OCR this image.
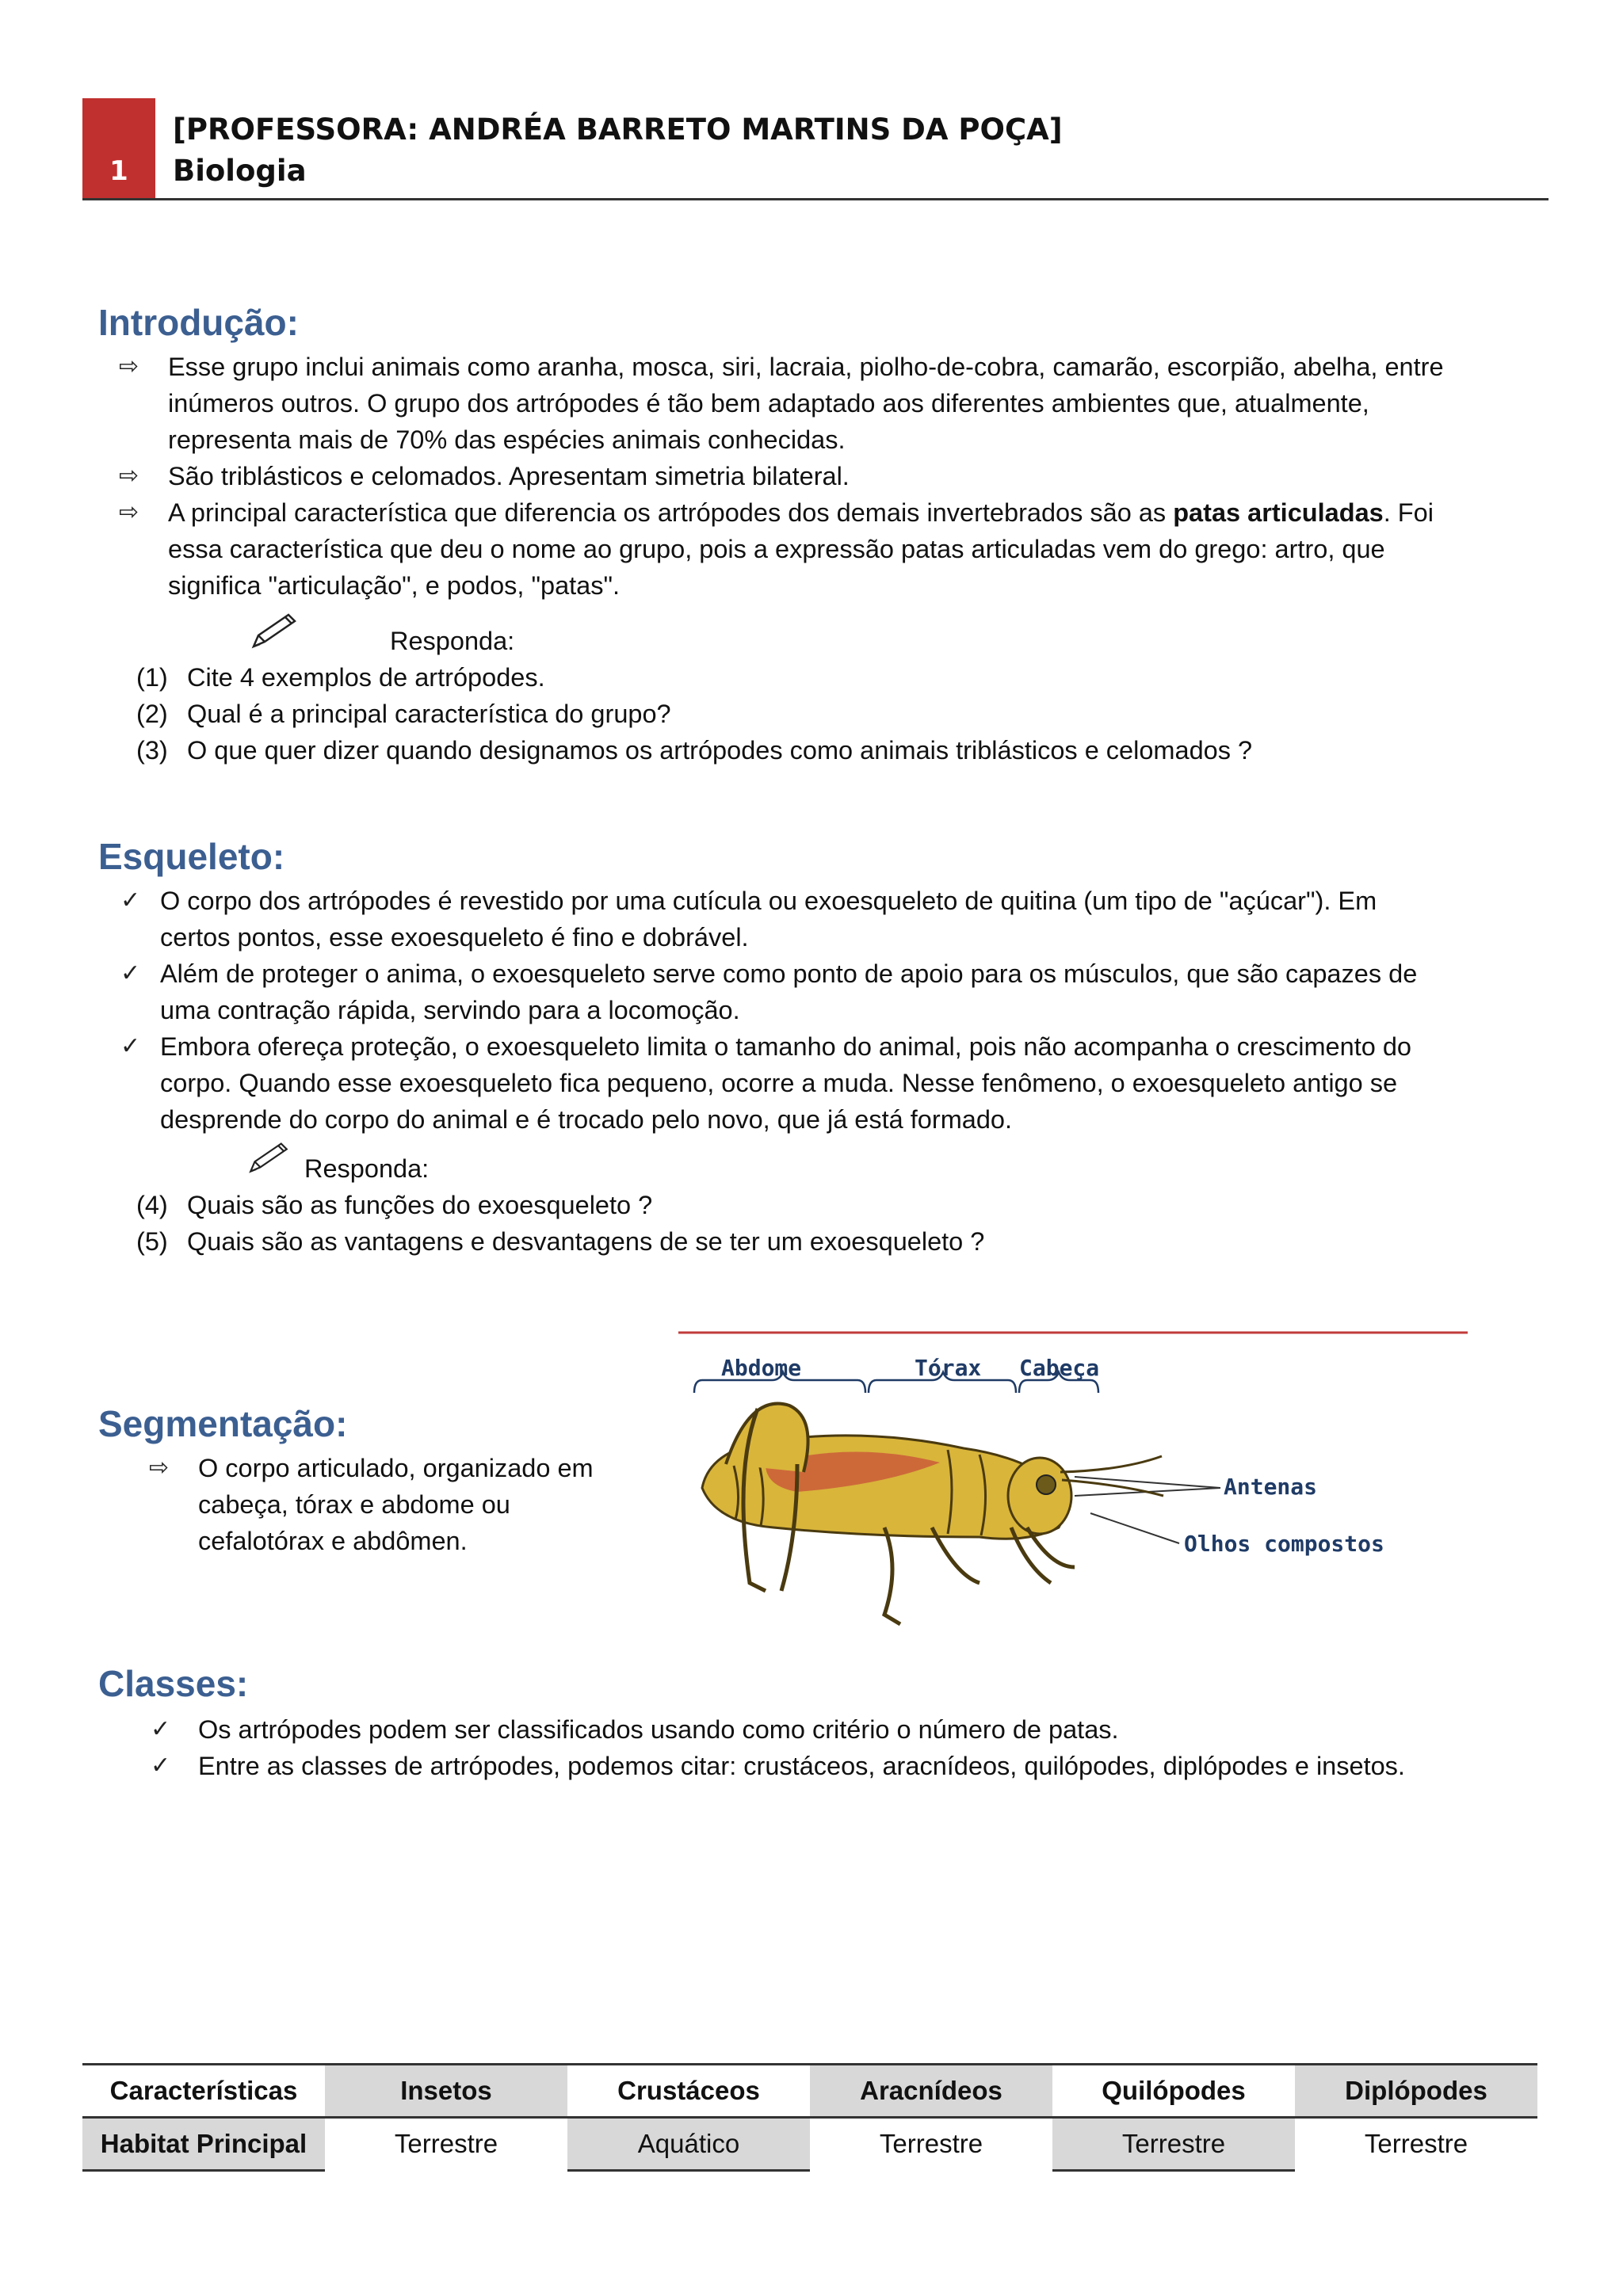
1
[PROFESSORA: ANDRÉA BARRETO MARTINS DA POÇA]
Biologia
Introdução:
⇨ Esse grupo inclui animais como aranha, mosca, siri, lacraia, piolho-de-cobra, camarão, escorpião, abelha, entre
inúmeros outros. O grupo dos artrópodes é tão bem adaptado aos diferentes ambientes que, atualmente,
representa mais de 70% das espécies animais conhecidas.
⇨ São triblásticos e celomados. Apresentam simetria bilateral.
⇨ A principal característica que diferencia os artrópodes dos demais invertebrados são as patas articuladas. Foi
essa característica que deu o nome ao grupo, pois a expressão patas articuladas vem do grego: artro, que
significa "articulação", e podos, "patas".
Responda:
(1) Cite 4 exemplos de artrópodes.
(2) Qual é a principal característica do grupo?
(3) O que quer dizer quando designamos os artrópodes como animais triblásticos e celomados ?
Esqueleto:
✓ O corpo dos artrópodes é revestido por uma cutícula ou exoesqueleto de quitina (um tipo de "açúcar"). Em
certos pontos, esse exoesqueleto é fino e dobrável.
✓ Além de proteger o anima, o exoesqueleto serve como ponto de apoio para os músculos, que são capazes de
uma contração rápida, servindo para a locomoção.
✓ Embora ofereça proteção, o exoesqueleto limita o tamanho do animal, pois não acompanha o crescimento do
corpo. Quando esse exoesqueleto fica pequeno, ocorre a muda. Nesse fenômeno, o exoesqueleto antigo se
desprende do corpo do animal e é trocado pelo novo, que já está formado.
Responda:
(4) Quais são as funções do exoesqueleto ?
(5) Quais são as vantagens e desvantagens de se ter um exoesqueleto ?
Segmentação:
⇨ O corpo articulado, organizado em
cabeça, tórax e abdome ou
cefalotórax e abdômen.
Abdome	Tórax Cabeça
Antenas
Olhos compostos
Classes:
✓ Os artrópodes podem ser classificados usando como critério o número de patas.
✓ Entre as classes de artrópodes, podemos citar: crustáceos, aracnídeos, quilópodes, diplópodes e insetos.
Características	Insetos	Crustáceos	Aracnídeos	Quilópodes	Diplópodes
Habitat Principal	Terrestre	Aquático	Terrestre	Terrestre	Terrestre
